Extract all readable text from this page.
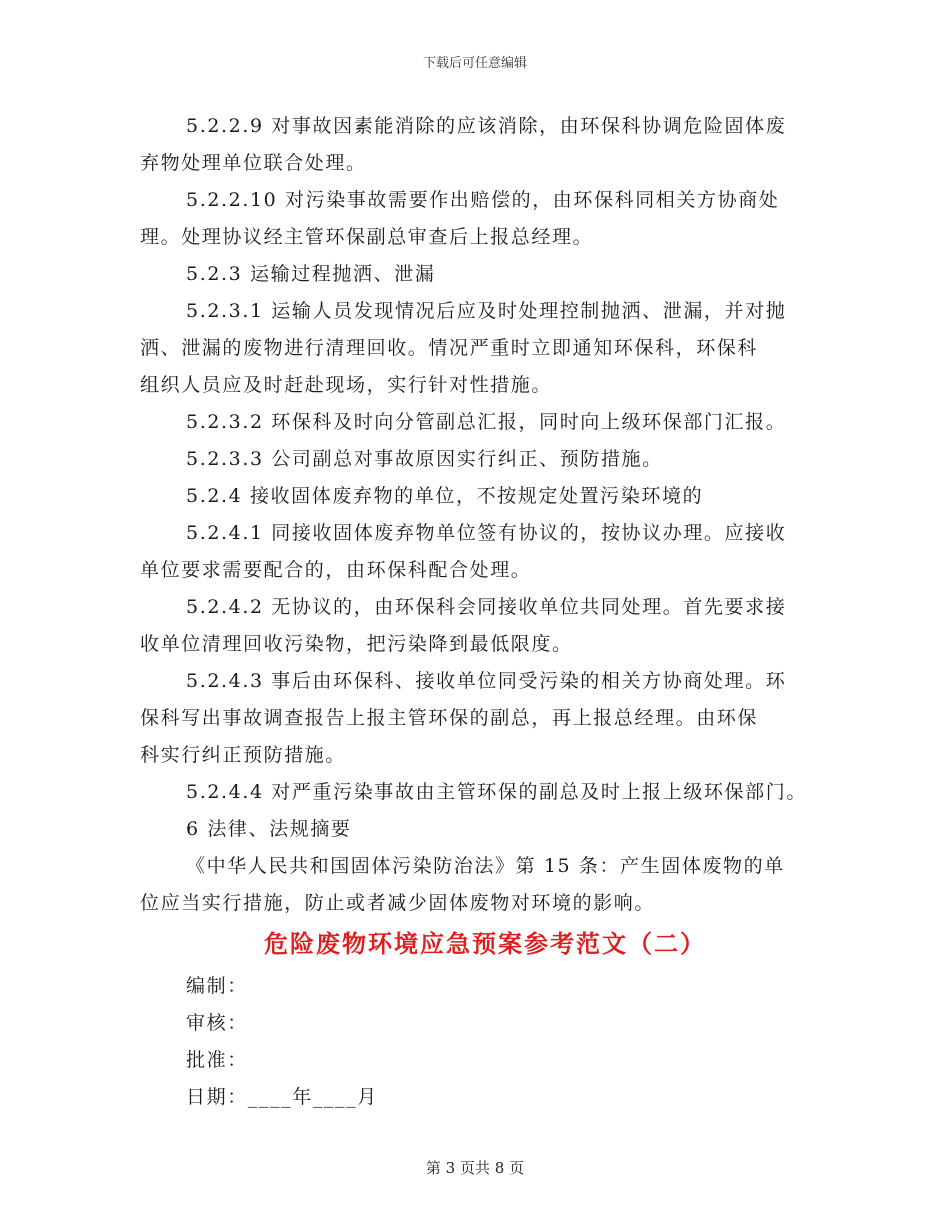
下载后可任意编辑

5.2.2.9 对事故因素能消除的应该消除，由环保科协调危险固体废

弃物处理单位联合处理。

5.2.2.10 对污染事故需要作出赔偿的，由环保科同相关方协商处

理。处理协议经主管环保副总审查后上报总经理。

5.2.3 运输过程抛洒、泄漏

5.2.3.1 运输人员发现情况后应及时处理控制抛洒、泄漏，并对抛

洒、泄漏的废物进行清理回收。情况严重时立即通知环保科，环保科

组织人员应及时赶赴现场，实行针对性措施。

5.2.3.2 环保科及时向分管副总汇报，同时向上级环保部门汇报。

5.2.3.3 公司副总对事故原因实行纠正、预防措施。

5.2.4 接收固体废弃物的单位，不按规定处置污染环境的

5.2.4.1 同接收固体废弃物单位签有协议的，按协议办理。应接收

单位要求需要配合的，由环保科配合处理。

5.2.4.2 无协议的，由环保科会同接收单位共同处理。首先要求接

收单位清理回收污染物，把污染降到最低限度。

5.2.4.3 事后由环保科、接收单位同受污染的相关方协商处理。环

保科写出事故调查报告上报主管环保的副总，再上报总经理。由环保

科实行纠正预防措施。

5.2.4.4 对严重污染事故由主管环保的副总及时上报上级环保部门。

6 法律、法规摘要

《中华人民共和国固体污染防治法》第 15 条：产生固体废物的单

位应当实行措施，防止或者减少固体废物对环境的影响。

危险废物环境应急预案参考范文（二）
编制：
审核：
批准：
日期：____年____月
第 3 页共 8 页
